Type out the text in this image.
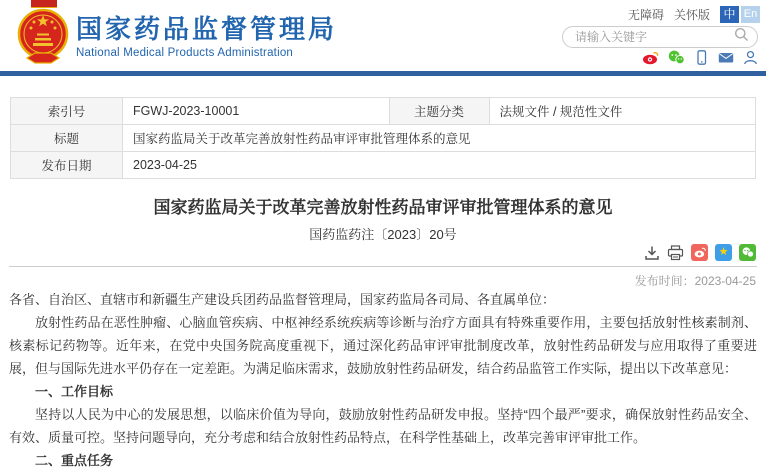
国家药品监督管理局
National Medical Products Administration
无障碍 关怀版 中 En
请输入关键字
索引号	FGWJ-2023-10001	主题分类	法规文件 / 规范性文件
标题	国家药监局关于改革完善放射性药品审评审批管理体系的意见		
发布日期	2023-04-25		
国家药监局关于改革完善放射性药品审评审批管理体系的意见
国药监药注〔2023〕20号
★
发布时间：2023-04-25

各省、自治区、直辖市和新疆生产建设兵团药品监督管理局，国家药监局各司局、各直属单位：

放射性药品在恶性肿瘤、心脑血管疾病、中枢神经系统疾病等诊断与治疗方面具有特殊重要作用，主要包括放射性核素制剂、核素标记药物等。近年来，在党中央国务院高度重视下，通过深化药品审评审批制度改革，放射性药品研发与应用取得了重要进展，但与国际先进水平仍存在一定差距。为满足临床需求，鼓励放射性药品研发，结合药品监管工作实际，提出以下改革意见：

一、工作目标

坚持以人民为中心的发展思想，以临床价值为导向，鼓励放射性药品研发申报。坚持“四个最严”要求，确保放射性药品安全、有效、质量可控。坚持问题导向，充分考虑和结合放射性药品特点，在科学性基础上，改革完善审评审批工作。

二、重点任务
